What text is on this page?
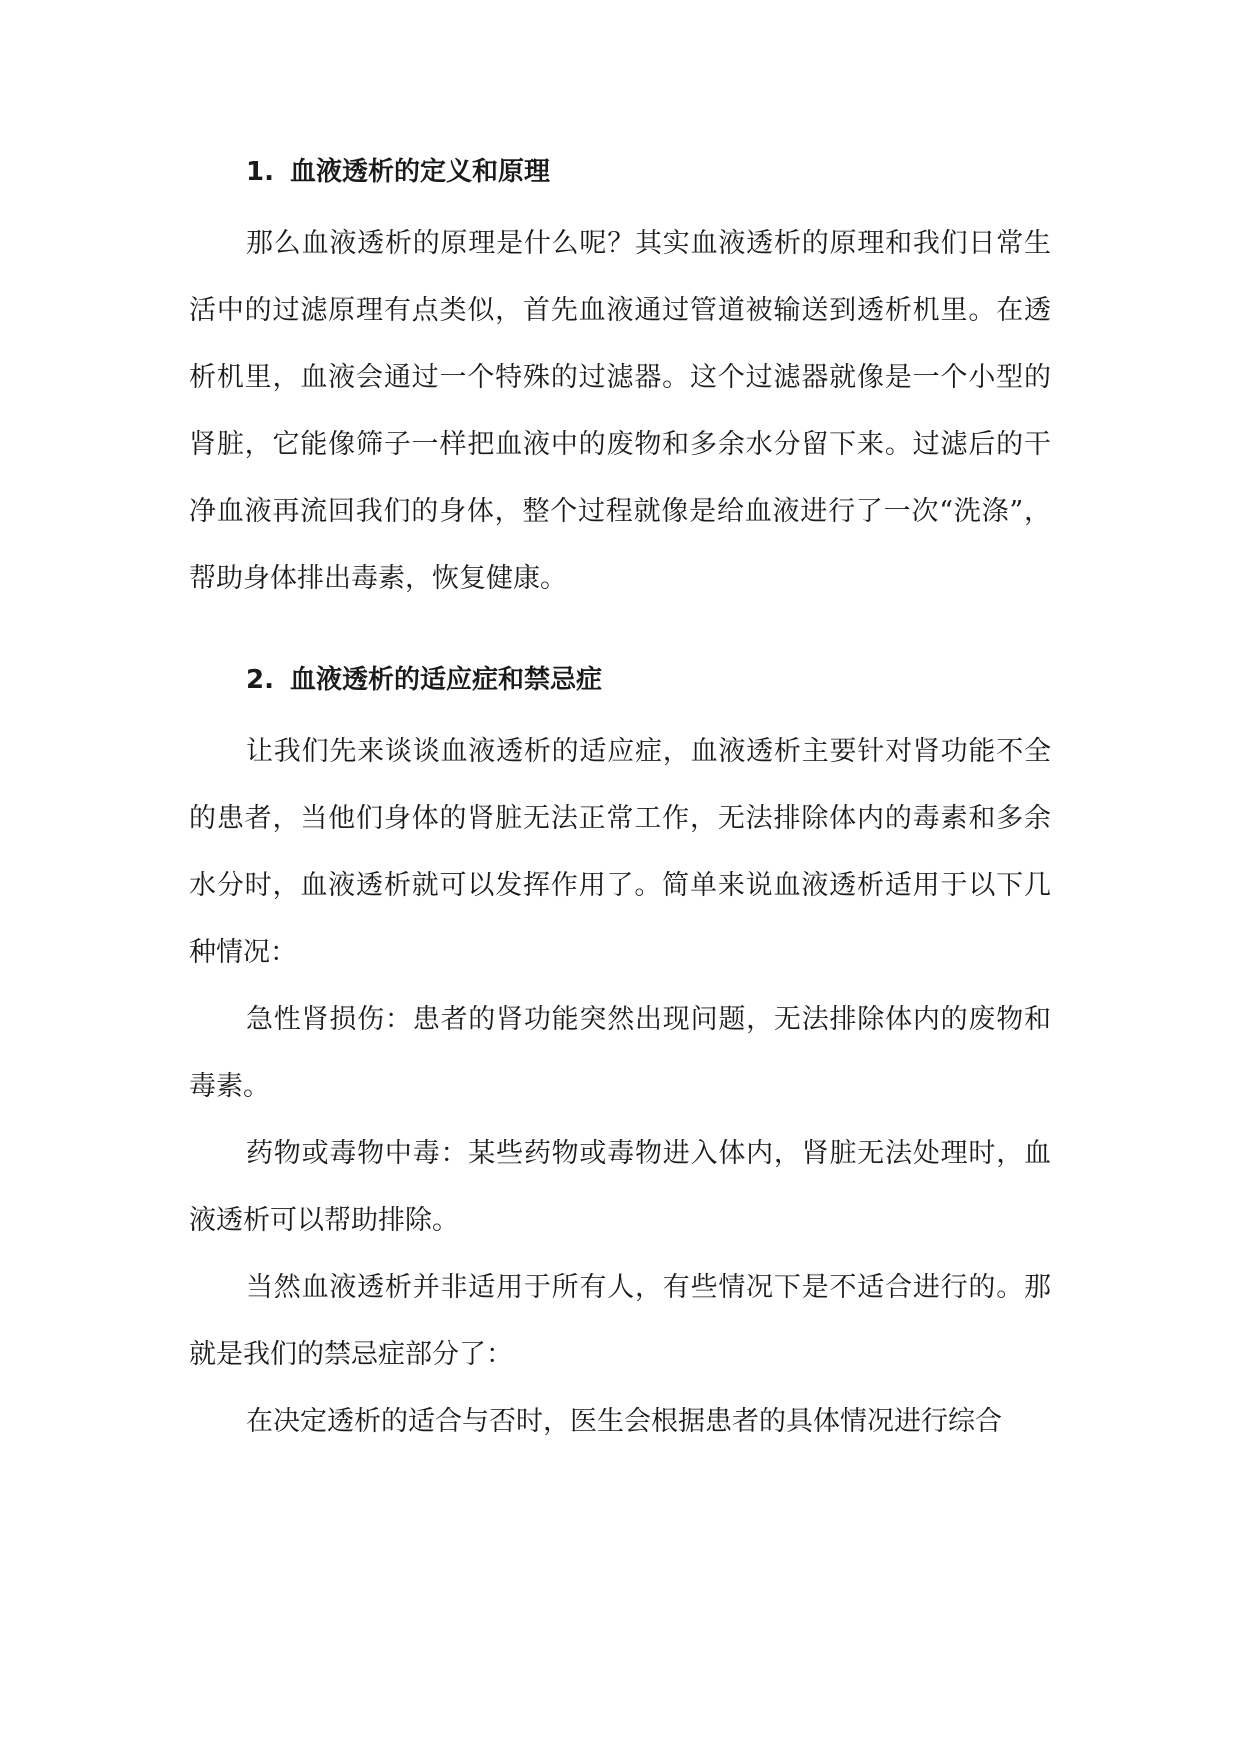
1. 血液透析的定义和原理

那么血液透析的原理是什么呢？其实血液透析的原理和我们日常生活中的过滤原理有点类似，首先血液通过管道被输送到透析机里。在透析机里，血液会通过一个特殊的过滤器。这个过滤器就像是一个小型的肾脏，它能像筛子一样把血液中的废物和多余水分留下来。过滤后的干净血液再流回我们的身体，整个过程就像是给血液进行了一次“洗涤”，帮助身体排出毒素，恢复健康。

2. 血液透析的适应症和禁忌症

让我们先来谈谈血液透析的适应症，血液透析主要针对肾功能不全的患者，当他们身体的肾脏无法正常工作，无法排除体内的毒素和多余水分时，血液透析就可以发挥作用了。简单来说血液透析适用于以下几种情况：

急性肾损伤：患者的肾功能突然出现问题，无法排除体内的废物和毒素。

药物或毒物中毒：某些药物或毒物进入体内，肾脏无法处理时，血液透析可以帮助排除。

当然血液透析并非适用于所有人，有些情况下是不适合进行的。那就是我们的禁忌症部分了：

在决定透析的适合与否时，医生会根据患者的具体情况进行综合
